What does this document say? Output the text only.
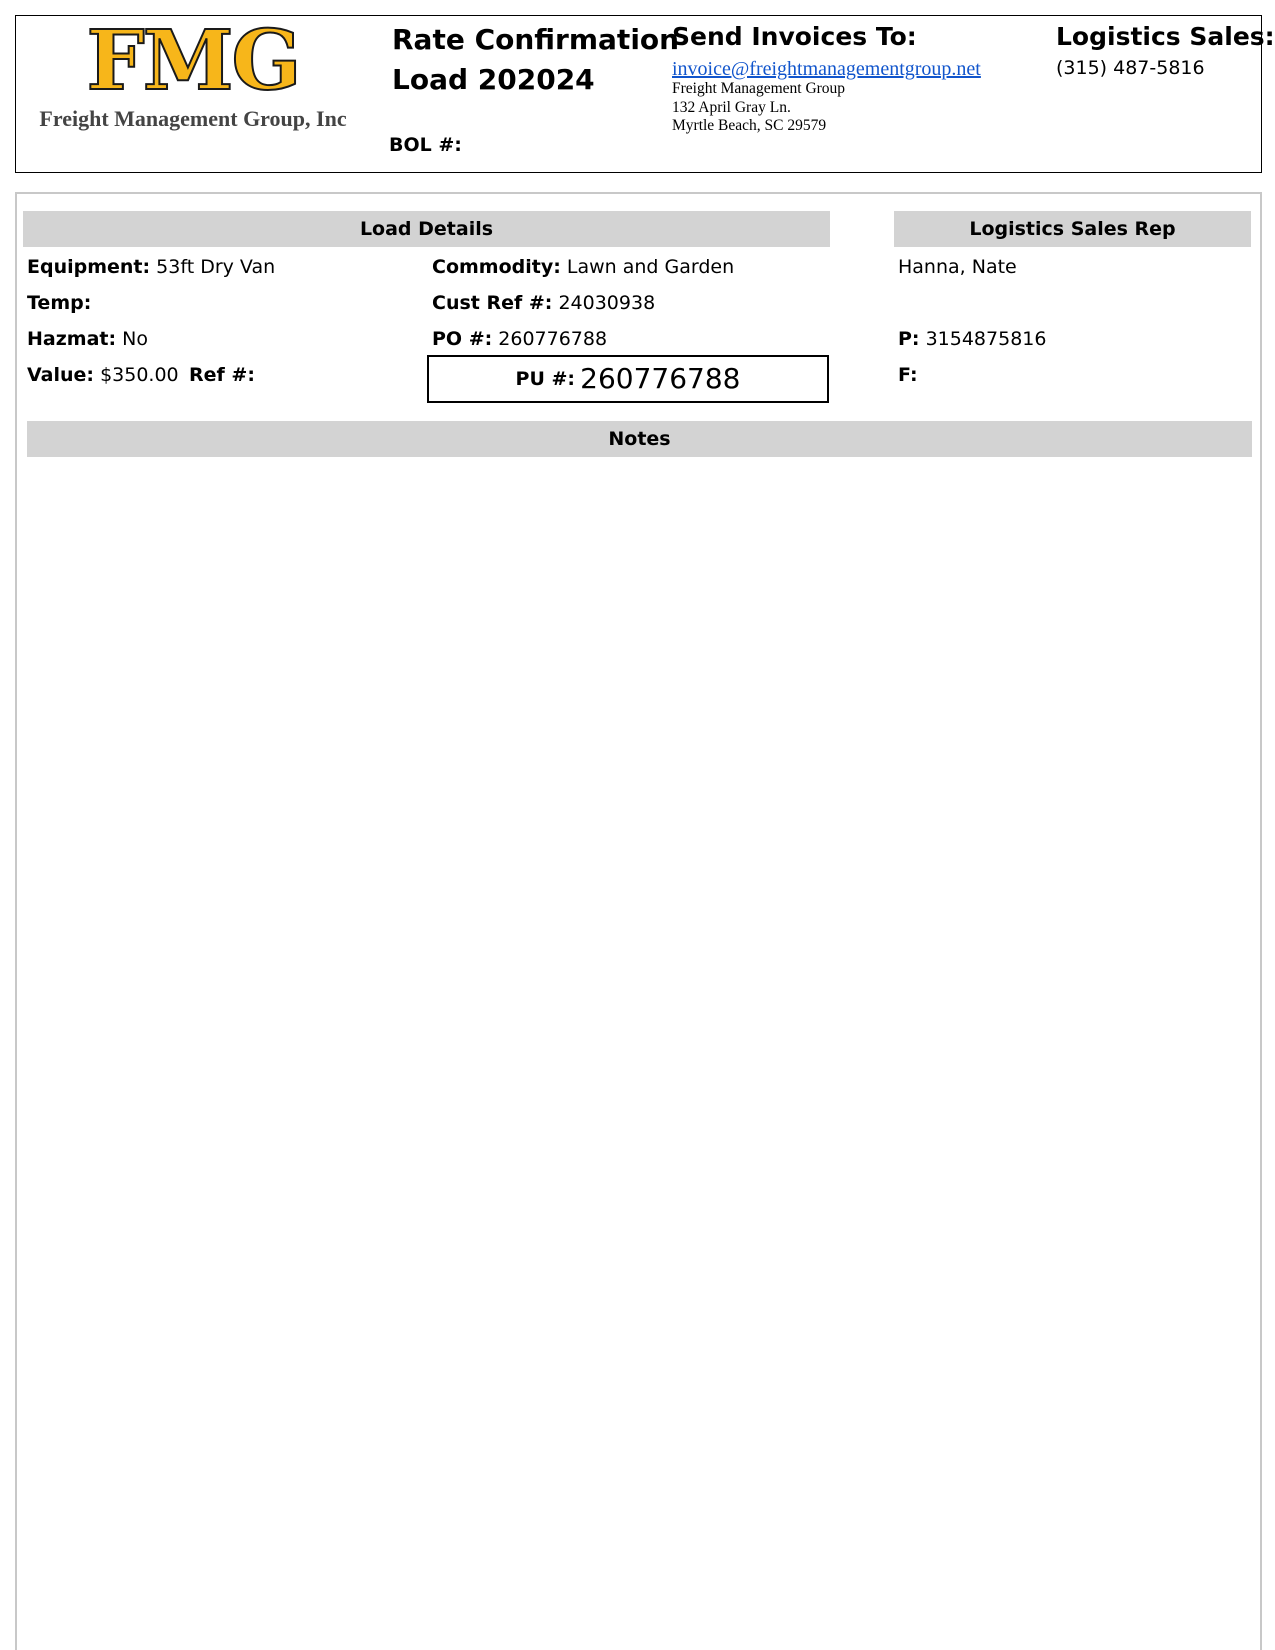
FMG
Freight Management Group, Inc
Rate Confirmation
Load 202024
BOL #:
Send Invoices To:
invoice@freightmanagementgroup.net
Freight Management Group
132 April Gray Ln.
Myrtle Beach, SC 29579
Logistics Sales:
(315) 487-5816
Load Details	Logistics Sales Rep
Equipment: 53ft Dry Van
Temp:
Hazmat: No
Value: $350.00 Ref #:
Commodity: Lawn and Garden
Cust Ref #: 24030938
PO #: 260776788
PU #: 260776788
Hanna, Nate
P: 3154875816
F:
Notes
